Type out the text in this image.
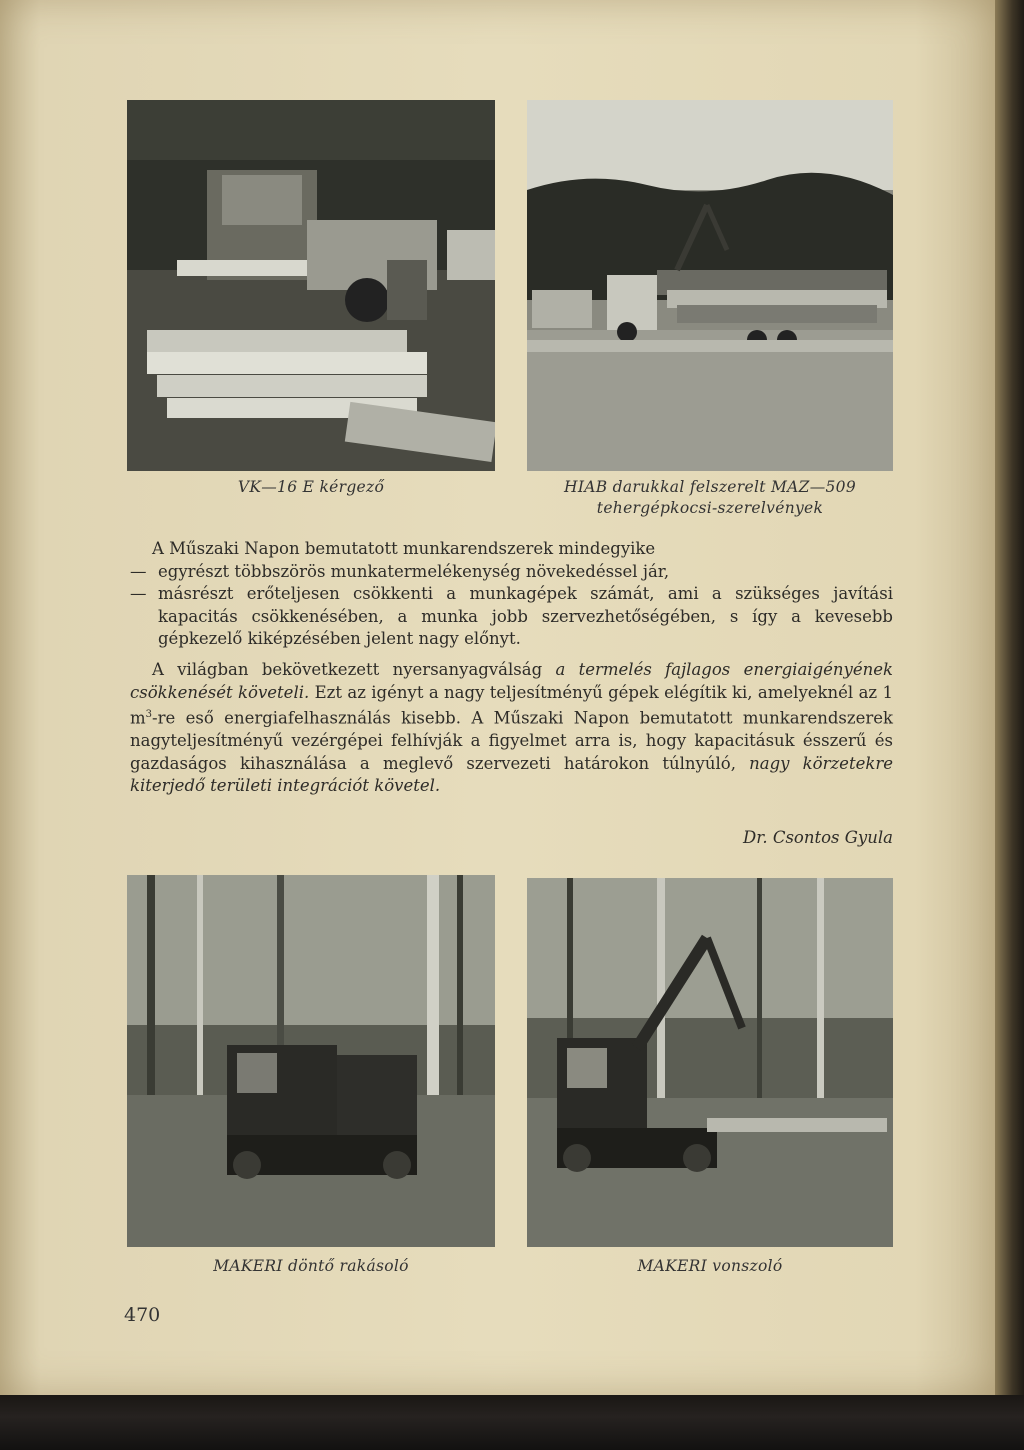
VK—16 E kérgező	HIAB darukkal felszerelt MAZ—509
tehergépkocsi-szerelvények

A Műszaki Napon bemutatott munkarendszerek mindegyike

— egyrészt többszörös munkatermelékenység növekedéssel jár,

— másrészt erőteljesen csökkenti a munkagépek számát, ami a szükséges javítási kapacitás csökkenésében, a munka jobb szervezhetőségében, s így a kevesebb gépkezelő kiképzésében jelent nagy előnyt.

A világban bekövetkezett nyersanyagválság a termelés fajlagos energiaigényének csökkenését követeli. Ezt az igényt a nagy teljesítményű gépek elégítik ki, amelyeknél az 1 $m^3-re$ eső energiafelhasználás kisebb. A Műszaki Napon bemutatott munkarendszerek nagyteljesítményű vezérgépei felhívják a figyelmet arra is, hogy kapacitásuk ésszerű és gazdaságos kihasználása a meglevő szervezeti határokon túlnyúló, nagy körzetekre kiterjedő területi integrációt követel.

Dr. Csontos Gyula
MAKERI döntő rakásoló	MAKERI vonszoló
470
